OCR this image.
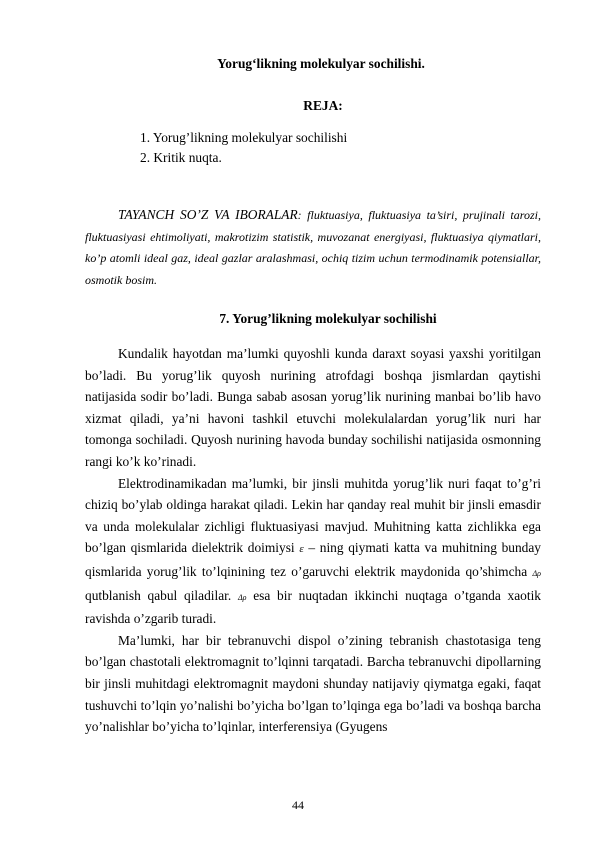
Yorug‘likning molekulyar sochilishi.
REJA:
1. Yorug’likning molekulyar sochilishi
2. Kritik nuqta.
TAYANCH SO’Z VA IBORALAR: fluktuasiya, fluktuasiya ta’siri, prujinali tarozi, fluktuasiyasi ehtimoliyati, makrotizim statistik, muvozanat energiyasi, fluktuasiya qiymatlari, ko’p atomli ideal gaz, ideal gazlar aralashmasi, ochiq tizim uchun termodinamik potensiallar, osmotik bosim.
7. Yorug’likning molekulyar sochilishi

Kundalik hayotdan ma’lumki quyoshli kunda daraxt soyasi yaxshi yoritilgan bo’ladi. Bu yorug’lik quyosh nurining atrofdagi boshqa jismlardan qaytishi natijasida sodir bo’ladi. Bunga sabab asosan yorug’lik nurining manbai bo’lib havo xizmat qiladi, ya’ni havoni tashkil etuvchi molekulalardan yorug’lik nuri har tomonga sochiladi. Quyosh nurining havoda bunday sochilishi natijasida osmonning rangi ko’k ko’rinadi.

Elektrodinamikadan ma’lumki, bir jinsli muhitda yorug’lik nuri faqat to’g’ri chiziq bo’ylab oldinga harakat qiladi. Lekin har qanday real muhit bir jinsli emasdir va unda molekulalar zichligi fluktuasiyasi mavjud. Muhitning katta zichlikka ega bo’lgan qismlarida dielektrik doimiysi ε – ning qiymati katta va muhitning bunday qismlarida yorug’lik to’lqinining tez o’garuvchi elektrik maydonida qo’shimcha Δρ qutblanish qabul qiladilar. Δρ esa bir nuqtadan ikkinchi nuqtaga o’tganda xaotik ravishda o’zgarib turadi.

Ma’lumki, har bir tebranuvchi dispol o’zining tebranish chastotasiga teng bo’lgan chastotali elektromagnit to’lqinni tarqatadi. Barcha tebranuvchi dipollarning bir jinsli muhitdagi elektromagnit maydoni shunday natijaviy qiymatga egaki, faqat tushuvchi to’lqin yo’nalishi bo’yicha bo’lgan to’lqinga ega bo’ladi va boshqa barcha yo’nalishlar bo’yicha to’lqinlar, interferensiya (Gyugens

44
